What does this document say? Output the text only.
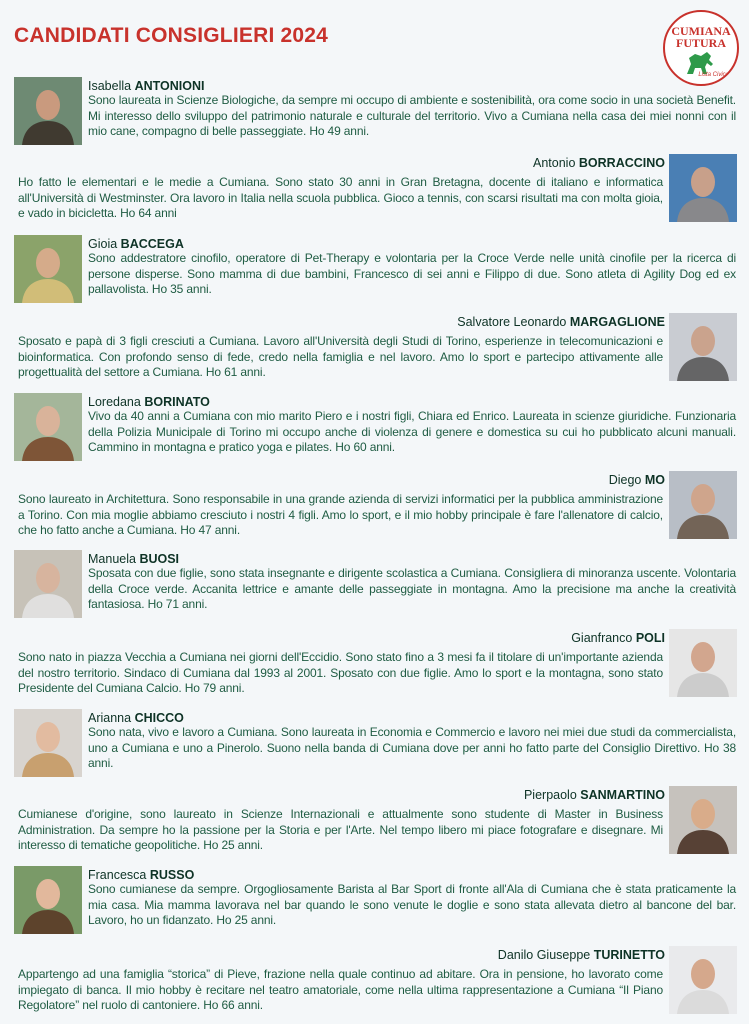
CANDIDATI CONSIGLIERI 2024	CUMIANA
FUTURA
Lista Civica
Isabella ANTONIONI

Sono laureata in Scienze Biologiche, da sempre mi occupo di ambiente e sostenibilità, ora come socio in una società Benefit. Mi interesso dello sviluppo del patrimonio naturale e culturale del territorio. Vivo a Cumiana nella casa dei miei nonni con il mio cane, compagno di belle passeggiate. Ho 49 anni.

Antonio BORRACCINO

Ho fatto le elementari e le medie a Cumiana. Sono stato 30 anni in Gran Bretagna, docente di italiano e informatica all'Università di Westminster. Ora lavoro in Italia nella scuola pubblica. Gioco a tennis, con scarsi risultati ma con molta gioia, e vado in bicicletta. Ho 64 anni

Gioia BACCEGA

Sono addestratore cinofilo, operatore di Pet-Therapy e volontaria per la Croce Verde nelle unità cinofile per la ricerca di persone disperse. Sono mamma di due bambini, Francesco di sei anni e Filippo di due. Sono atleta di Agility Dog ed ex pallavolista. Ho 35 anni.

Salvatore Leonardo MARGAGLIONE

Sposato e papà di 3 figli cresciuti a Cumiana. Lavoro all'Università degli Studi di Torino, esperienze in telecomunicazioni e bioinformatica. Con profondo senso di fede, credo nella famiglia e nel lavoro. Amo lo sport e partecipo attivamente alle progettualità del settore a Cumiana. Ho 61 anni.

Loredana BORINATO

Vivo da 40 anni a Cumiana con mio marito Piero e i nostri figli, Chiara ed Enrico. Laureata in scienze giuridiche. Funzionaria della Polizia Municipale di Torino mi occupo anche di violenza di genere e domestica su cui ho pubblicato alcuni manuali. Cammino in montagna e pratico yoga e pilates. Ho 60 anni.

Diego MO

Sono laureato in Architettura. Sono responsabile in una grande azienda di servizi informatici per la pubblica amministrazione a Torino. Con mia moglie abbiamo cresciuto i nostri 4 figli. Amo lo sport, e il mio hobby principale è fare l'allenatore di calcio, che ho fatto anche a Cumiana. Ho 47 anni.

Manuela BUOSI

Sposata con due figlie, sono stata insegnante e dirigente scolastica a Cumiana. Consigliera di minoranza uscente. Volontaria della Croce verde. Accanita lettrice e amante delle passeggiate in montagna. Amo la precisione ma anche la creatività fantasiosa. Ho 71 anni.

Gianfranco POLI

Sono nato in piazza Vecchia a Cumiana nei giorni dell'Eccidio. Sono stato fino a 3 mesi fa il titolare di un'importante azienda del nostro territorio. Sindaco di Cumiana dal 1993 al 2001. Sposato con due figlie. Amo lo sport e la montagna, sono stato Presidente del Cumiana Calcio. Ho 79 anni.

Arianna CHICCO

Sono nata, vivo e lavoro a Cumiana. Sono laureata in Economia e Commercio e lavoro nei miei due studi da commercialista, uno a Cumiana e uno a Pinerolo. Suono nella banda di Cumiana dove per anni ho fatto parte del Consiglio Direttivo. Ho 38 anni.

Pierpaolo SANMARTINO

Cumianese d'origine, sono laureato in Scienze Internazionali e attualmente sono studente di Master in Business Administration. Da sempre ho la passione per la Storia e per l'Arte. Nel tempo libero mi piace fotografare e disegnare. Mi interesso di tematiche geopolitiche. Ho 25 anni.

Francesca RUSSO

Sono cumianese da sempre. Orgogliosamente Barista al Bar Sport di fronte all'Ala di Cumiana che è stata praticamente la mia casa. Mia mamma lavorava nel bar quando le sono venute le doglie e sono stata allevata dietro al bancone del bar. Lavoro, ho un fidanzato. Ho 25 anni.

Danilo Giuseppe TURINETTO

Appartengo ad una famiglia “storica” di Pieve, frazione nella quale continuo ad abitare. Ora in pensione, ho lavorato come impiegato di banca. Il mio hobby è recitare nel teatro amatoriale, come nella ultima rappresentazione a Cumiana “Il Piano Regolatore” nel ruolo di cantoniere. Ho 66 anni.
